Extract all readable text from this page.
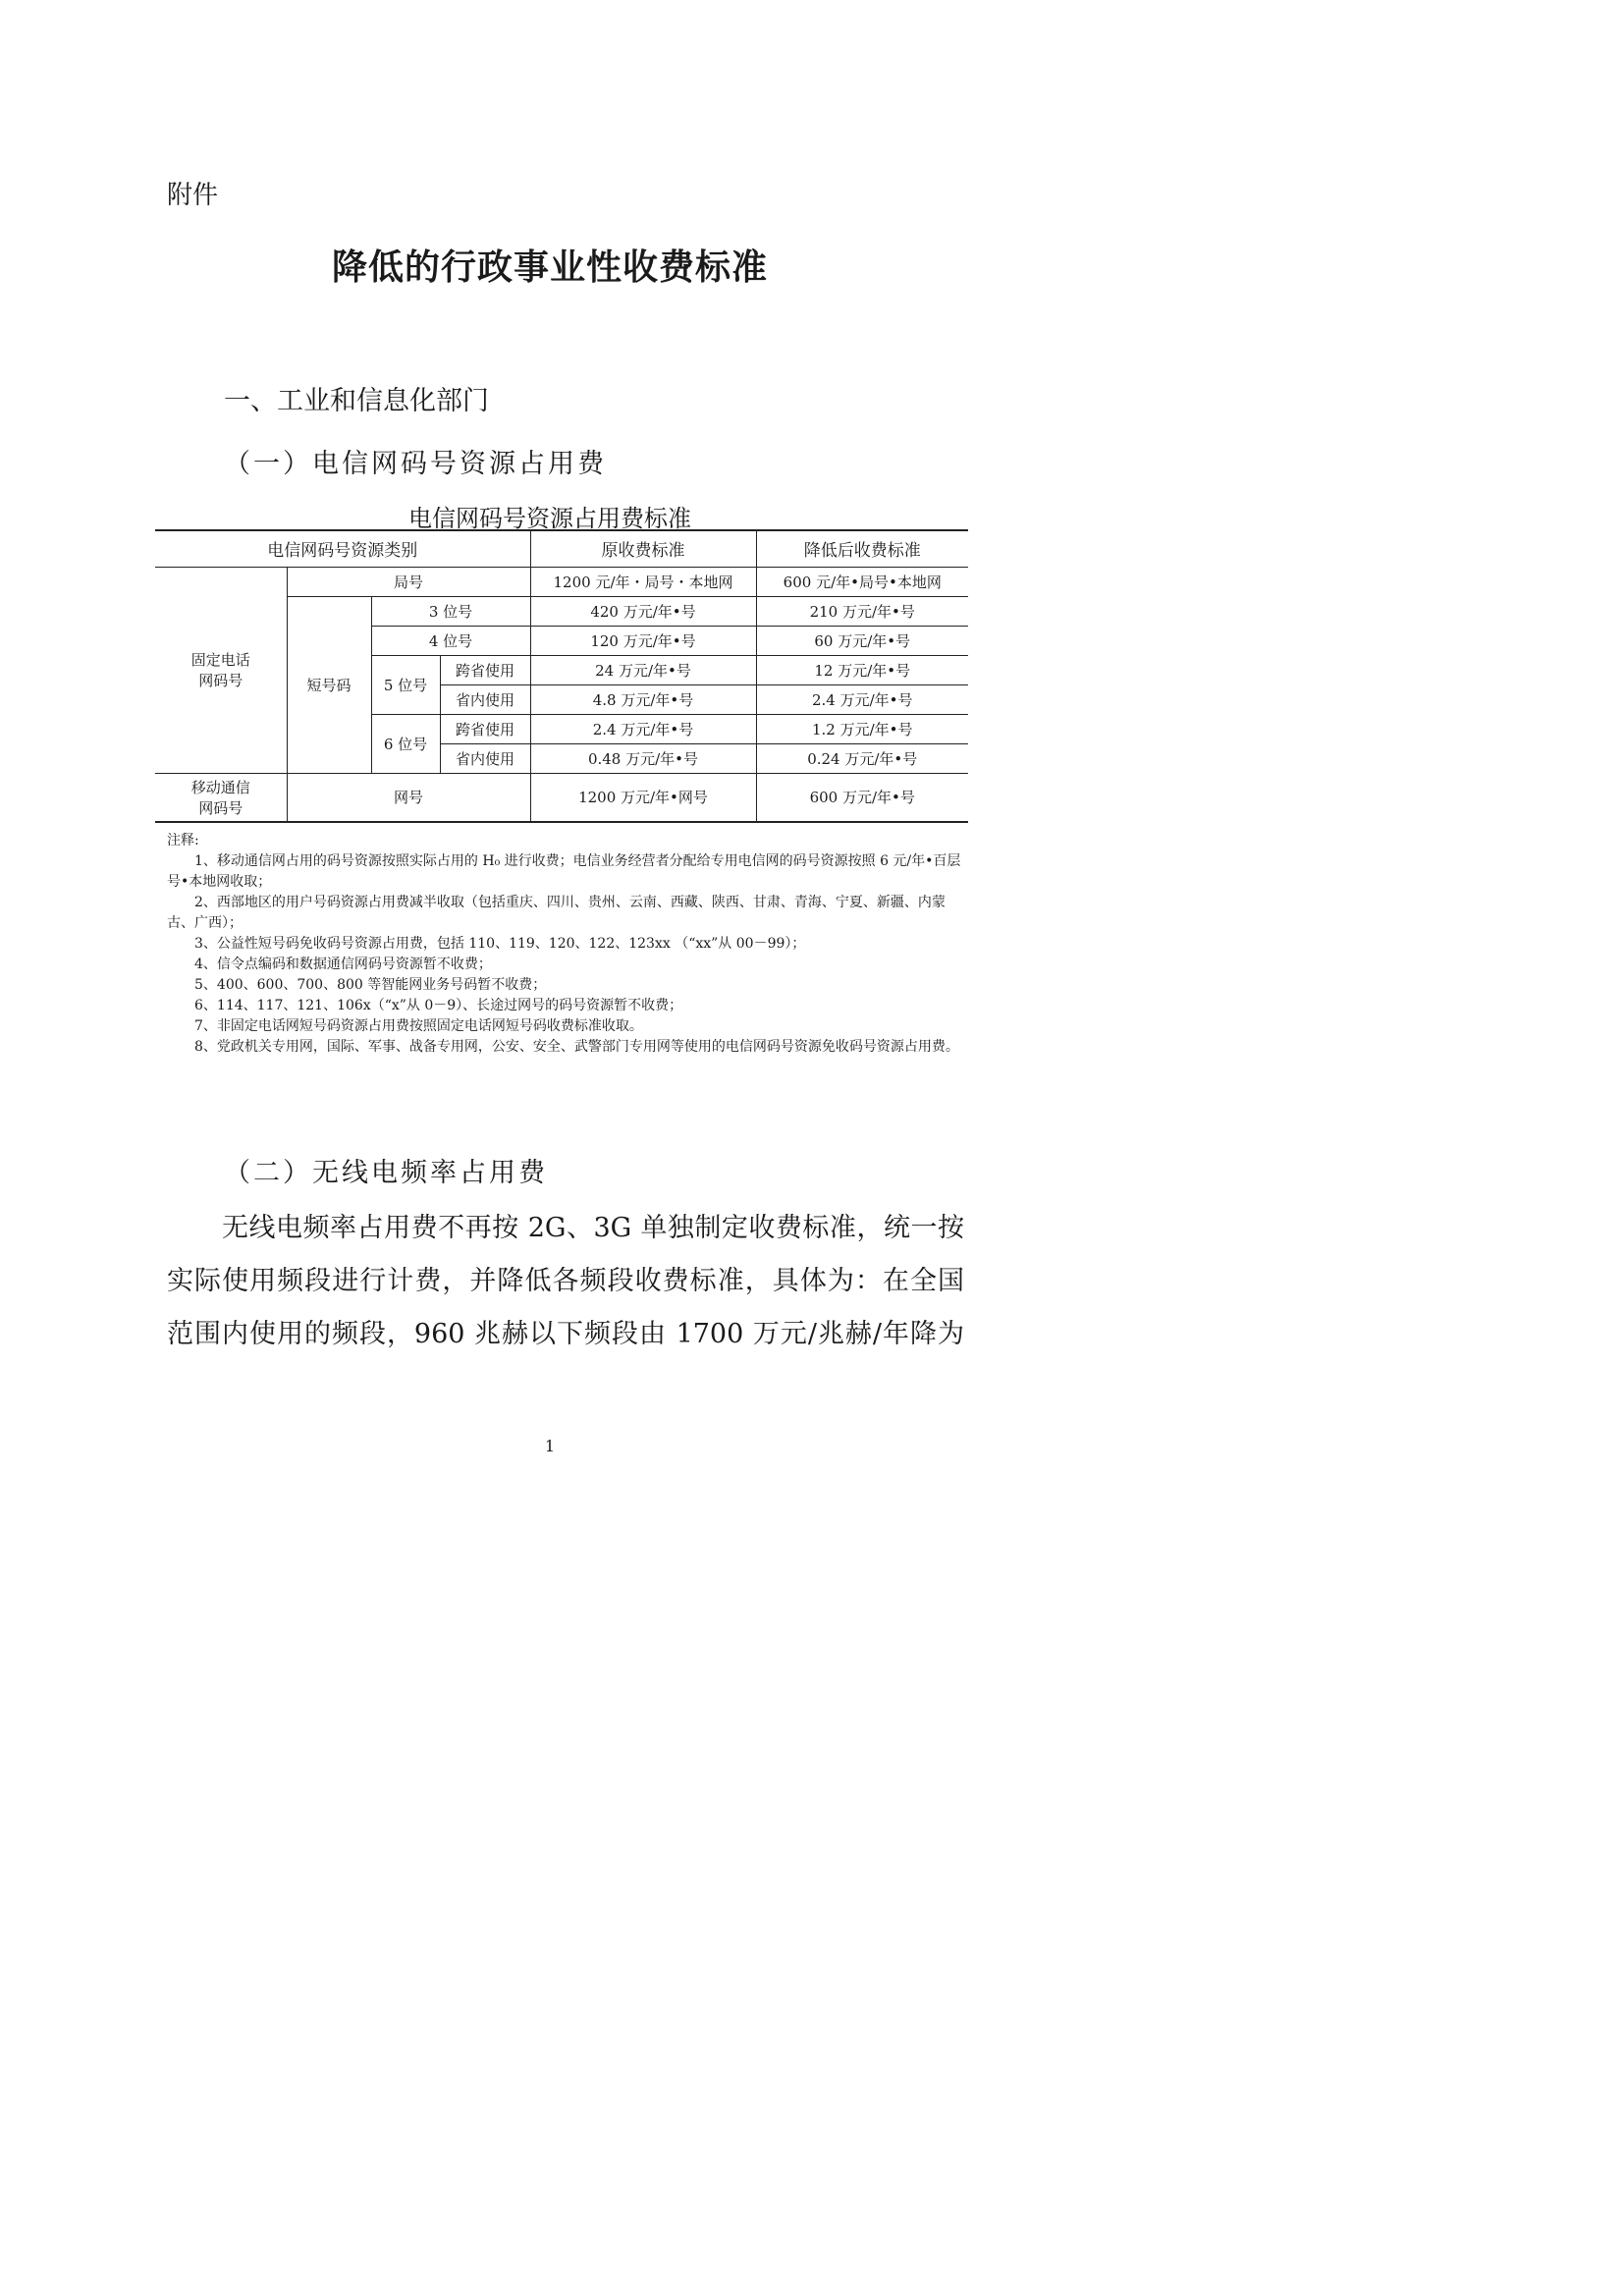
附件
降低的行政事业性收费标准
一、工业和信息化部门
（一）电信网码号资源占用费
电信网码号资源占用费标准
电信网码号资源类别				原收费标准	降低后收费标准
固定电话网码号	局号			1200 元/年・局号・本地网	600 元/年•局号•本地网
	短号码	3 位号		420 万元/年•号	210 万元/年•号
		4 位号		120 万元/年•号	60 万元/年•号
		5 位号	跨省使用	24 万元/年•号	12 万元/年•号
			省内使用	4.8 万元/年•号	2.4 万元/年•号
		6 位号	跨省使用	2.4 万元/年•号	1.2 万元/年•号
			省内使用	0.48 万元/年•号	0.24 万元/年•号
移动通信网码号	网号			1200 万元/年•网号	600 万元/年•号

注释:

1、移动通信网占用的码号资源按照实际占用的 H₀ 进行收费；电信业务经营者分配给专用电信网的码号资源按照 6 元/年•百层号•本地网收取；

2、西部地区的用户号码资源占用费减半收取（包括重庆、四川、贵州、云南、西藏、陕西、甘肃、青海、宁夏、新疆、内蒙古、广西）；

3、公益性短号码免收码号资源占用费，包括 110、119、120、122、123xx （“xx”从 00－99）；

4、信令点编码和数据通信网码号资源暂不收费；

5、400、600、700、800 等智能网业务号码暂不收费；

6、114、117、121、106x（“x”从 0－9）、长途过网号的码号资源暂不收费；

7、非固定电话网短号码资源占用费按照固定电话网短号码收费标准收取。

8、党政机关专用网，国际、军事、战备专用网，公安、安全、武警部门专用网等使用的电信网码号资源免收码号资源占用费。

（二）无线电频率占用费
无线电频率占用费不再按 2G、3G 单独制定收费标准，统一按
实际使用频段进行计费，并降低各频段收费标准，具体为：在全国
范围内使用的频段，960 兆赫以下频段由 1700 万元/兆赫/年降为
1
